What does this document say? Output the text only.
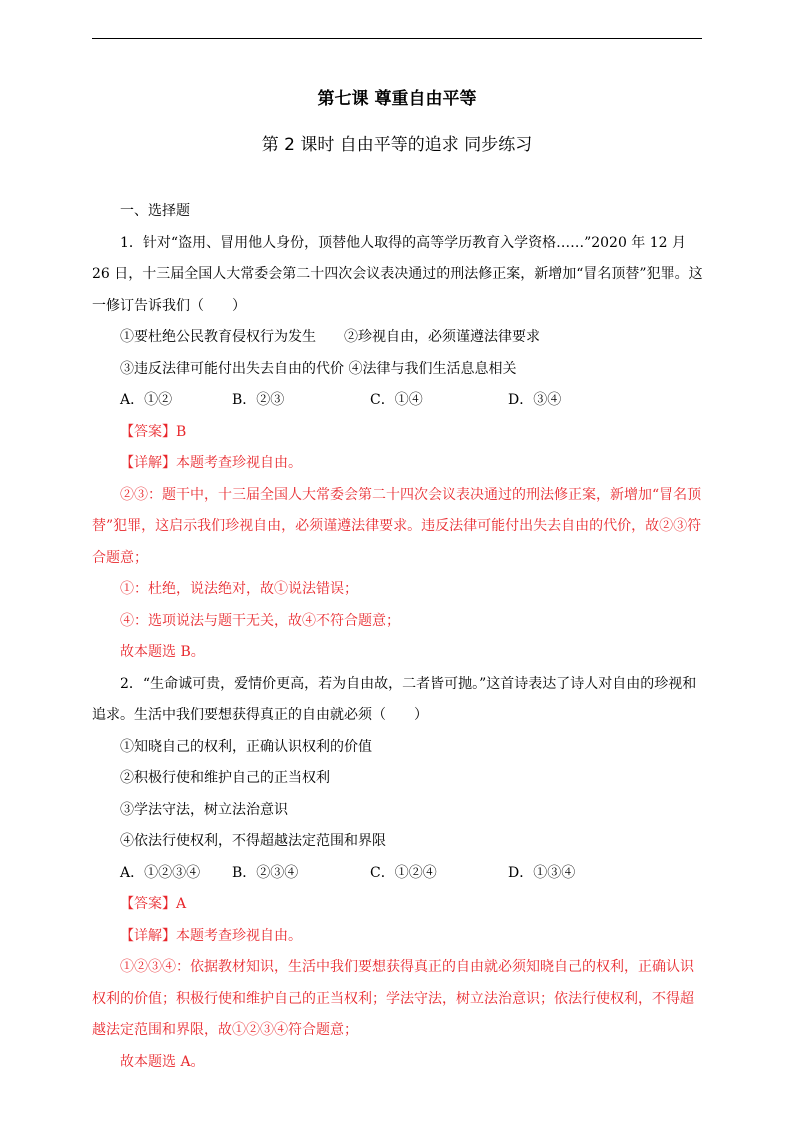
第七课 尊重自由平等
第 2 课时 自由平等的追求 同步练习

一、选择题

1．针对“盗用、冒用他人身份，顶替他人取得的高等学历教育入学资格……”2020 年 12 月 26 日，十三届全国人大常委会第二十四次会议表决通过的刑法修正案，新增加“冒名顶替”犯罪。这一修订告诉我们（　　）

①要杜绝公民教育侵权行为发生　　②珍视自由，必须谨遵法律要求

③违反法律可能付出失去自由的代价 ④法律与我们生活息息相关

A．①②	B．②③	C．①④	D．③④

【答案】B

【详解】本题考查珍视自由。

②③：题干中，十三届全国人大常委会第二十四次会议表决通过的刑法修正案，新增加“冒名顶替”犯罪，这启示我们珍视自由，必须谨遵法律要求。违反法律可能付出失去自由的代价，故②③符合题意；

①：杜绝，说法绝对，故①说法错误；

④：选项说法与题干无关，故④不符合题意；

故本题选 B。

2．“生命诚可贵，爱情价更高，若为自由故，二者皆可抛。”这首诗表达了诗人对自由的珍视和追求。生活中我们要想获得真正的自由就必须（　　）

①知晓自己的权利，正确认识权利的价值

②积极行使和维护自己的正当权利

③学法守法，树立法治意识

④依法行使权利，不得超越法定范围和界限

A．①②③④	B．②③④	C．①②④	D．①③④

【答案】A

【详解】本题考查珍视自由。

①②③④：依据教材知识，生活中我们要想获得真正的自由就必须知晓自己的权利，正确认识权利的价值；积极行使和维护自己的正当权利；学法守法，树立法治意识；依法行使权利，不得超越法定范围和界限，故①②③④符合题意；

故本题选 A。
